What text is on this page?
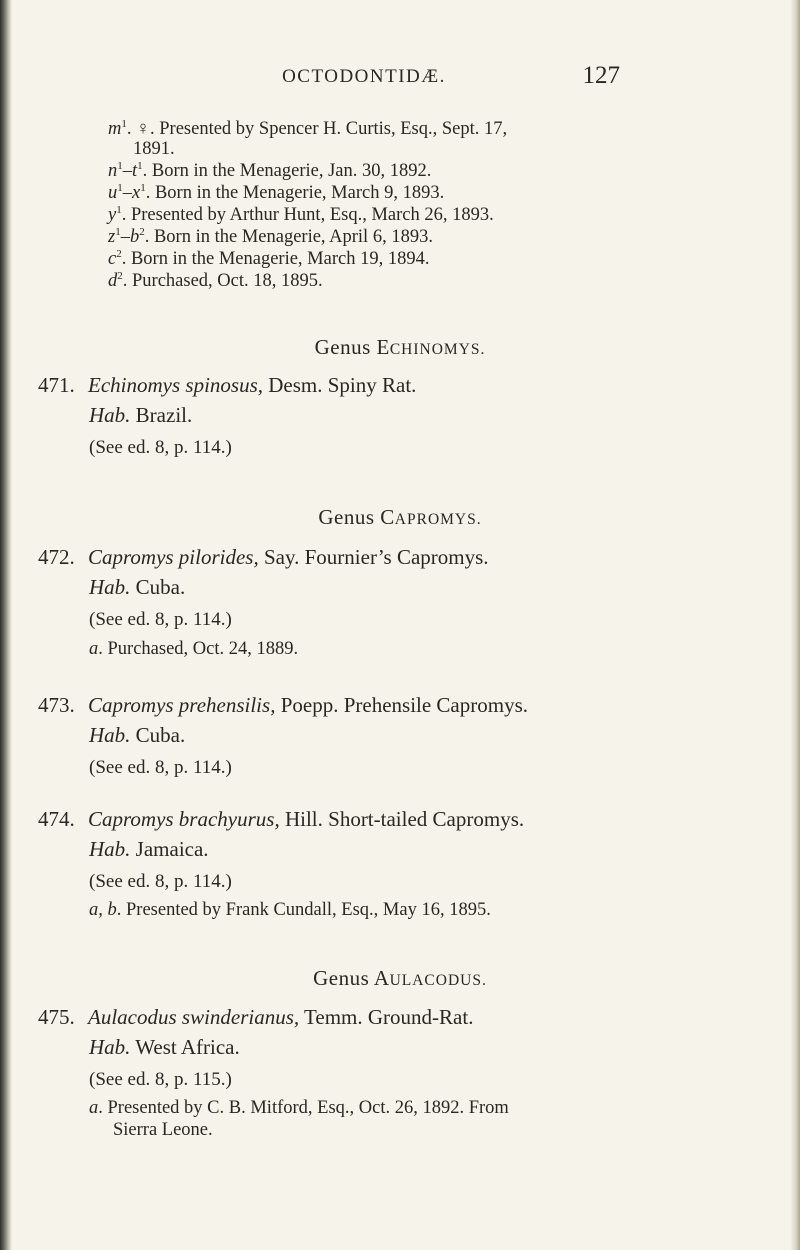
OCTODONTIDÆ.	127
$m^1$. ♀. Presented by Spencer H. Curtis, Esq., Sept. 17,
1891.
$n^1-t^1$. Born in the Menagerie, Jan. 30, 1892.
$u^1-x^1$. Born in the Menagerie, March 9, 1893.
$y^1$. Presented by Arthur Hunt, Esq., March 26, 1893.
$z^1-b^2$. Born in the Menagerie, April 6, 1893.
$c^2$. Born in the Menagerie, March 19, 1894.
$d^2$. Purchased, Oct. 18, 1895.
Genus ECHINOMYS.
471. Echinomys spinosus, Desm. Spiny Rat.
Hab. Brazil.
(See ed. 8, p. 114.)
Genus CAPROMYS.
472. Capromys pilorides, Say. Fournier’s Capromys.
Hab. Cuba.
(See ed. 8, p. 114.)
a. Purchased, Oct. 24, 1889.
473. Capromys prehensilis, Poepp. Prehensile Capromys.
Hab. Cuba.
(See ed. 8, p. 114.)
474. Capromys brachyurus, Hill. Short-tailed Capromys.
Hab. Jamaica.
(See ed. 8, p. 114.)
a, b. Presented by Frank Cundall, Esq., May 16, 1895.
Genus AULACODUS.
475. Aulacodus swinderianus, Temm. Ground-Rat.
Hab. West Africa.
(See ed. 8, p. 115.)
a. Presented by C. B. Mitford, Esq., Oct. 26, 1892. From
Sierra Leone.
